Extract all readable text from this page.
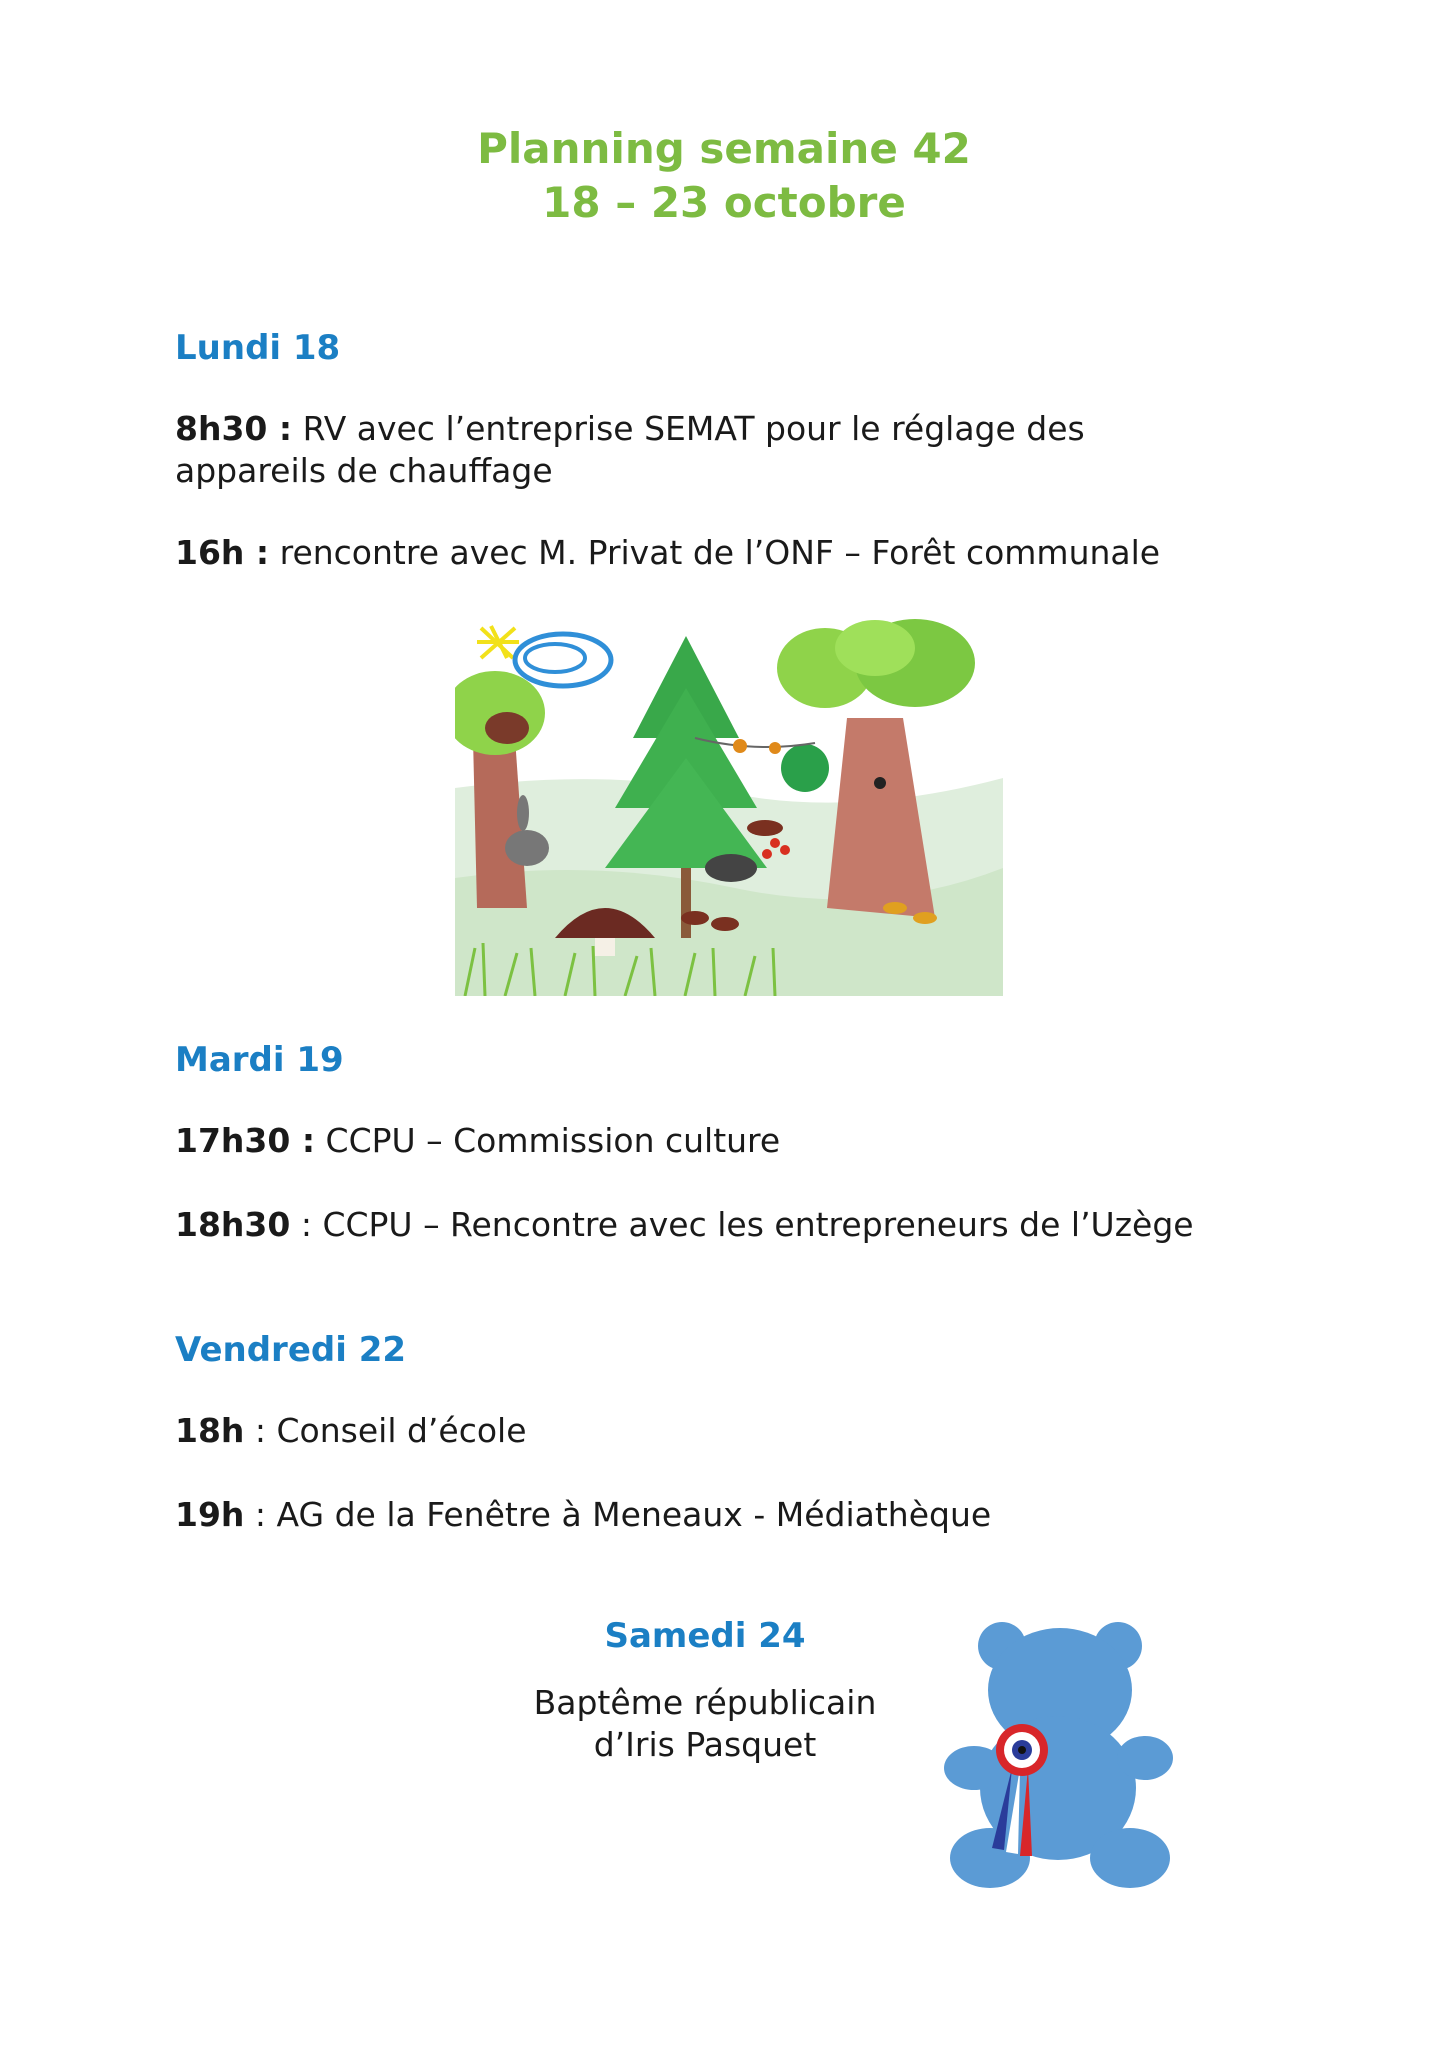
Planning semaine 42
18 – 23 octobre
Lundi 18
8h30 : RV avec l’entreprise SEMAT pour le réglage des appareils de chauffage
16h : rencontre avec M. Privat de l’ONF – Forêt communale
Mardi 19
17h30 : CCPU – Commission culture
18h30 : CCPU – Rencontre avec les entrepreneurs de l’Uzège
Vendredi 22
18h : Conseil d’école
19h : AG de la Fenêtre à Meneaux - Médiathèque
Samedi 24
Baptême républicain
d’Iris Pasquet
